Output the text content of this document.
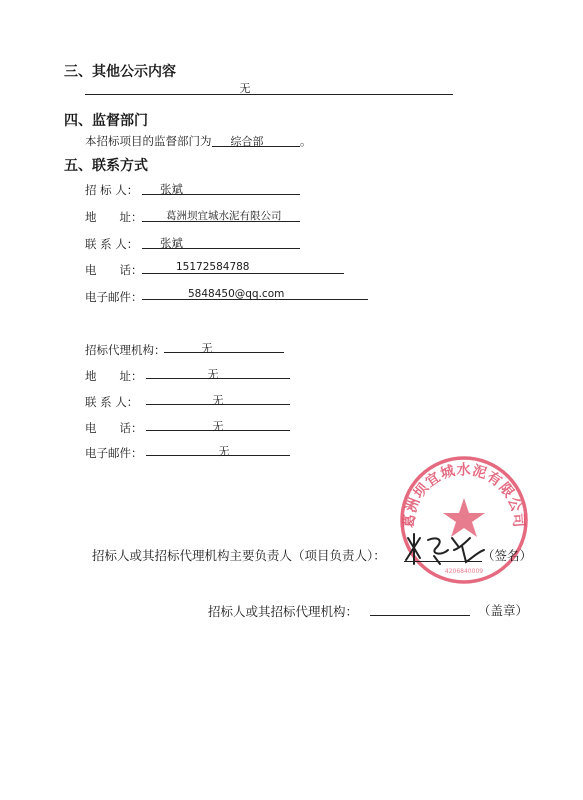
三、其他公示内容
无
四、监督部门
本招标项目的监督部门为	综合部	。
五、联系方式
招 标 人： 张斌
地　　址： 葛洲坝宜城水泥有限公司
联 系 人： 张斌
电　　话：	15172584788
电子邮件：	5848450@qq.com
招标代理机构：	无
地　　址：	无
联 系 人：	无
电　　话：	无
电子邮件：	无
葛洲坝宜城水泥有限公司
4206840009
招标人或其招标代理机构主要负责人（项目负责人）：	（签名）
招标人或其招标代理机构：	（盖章）
